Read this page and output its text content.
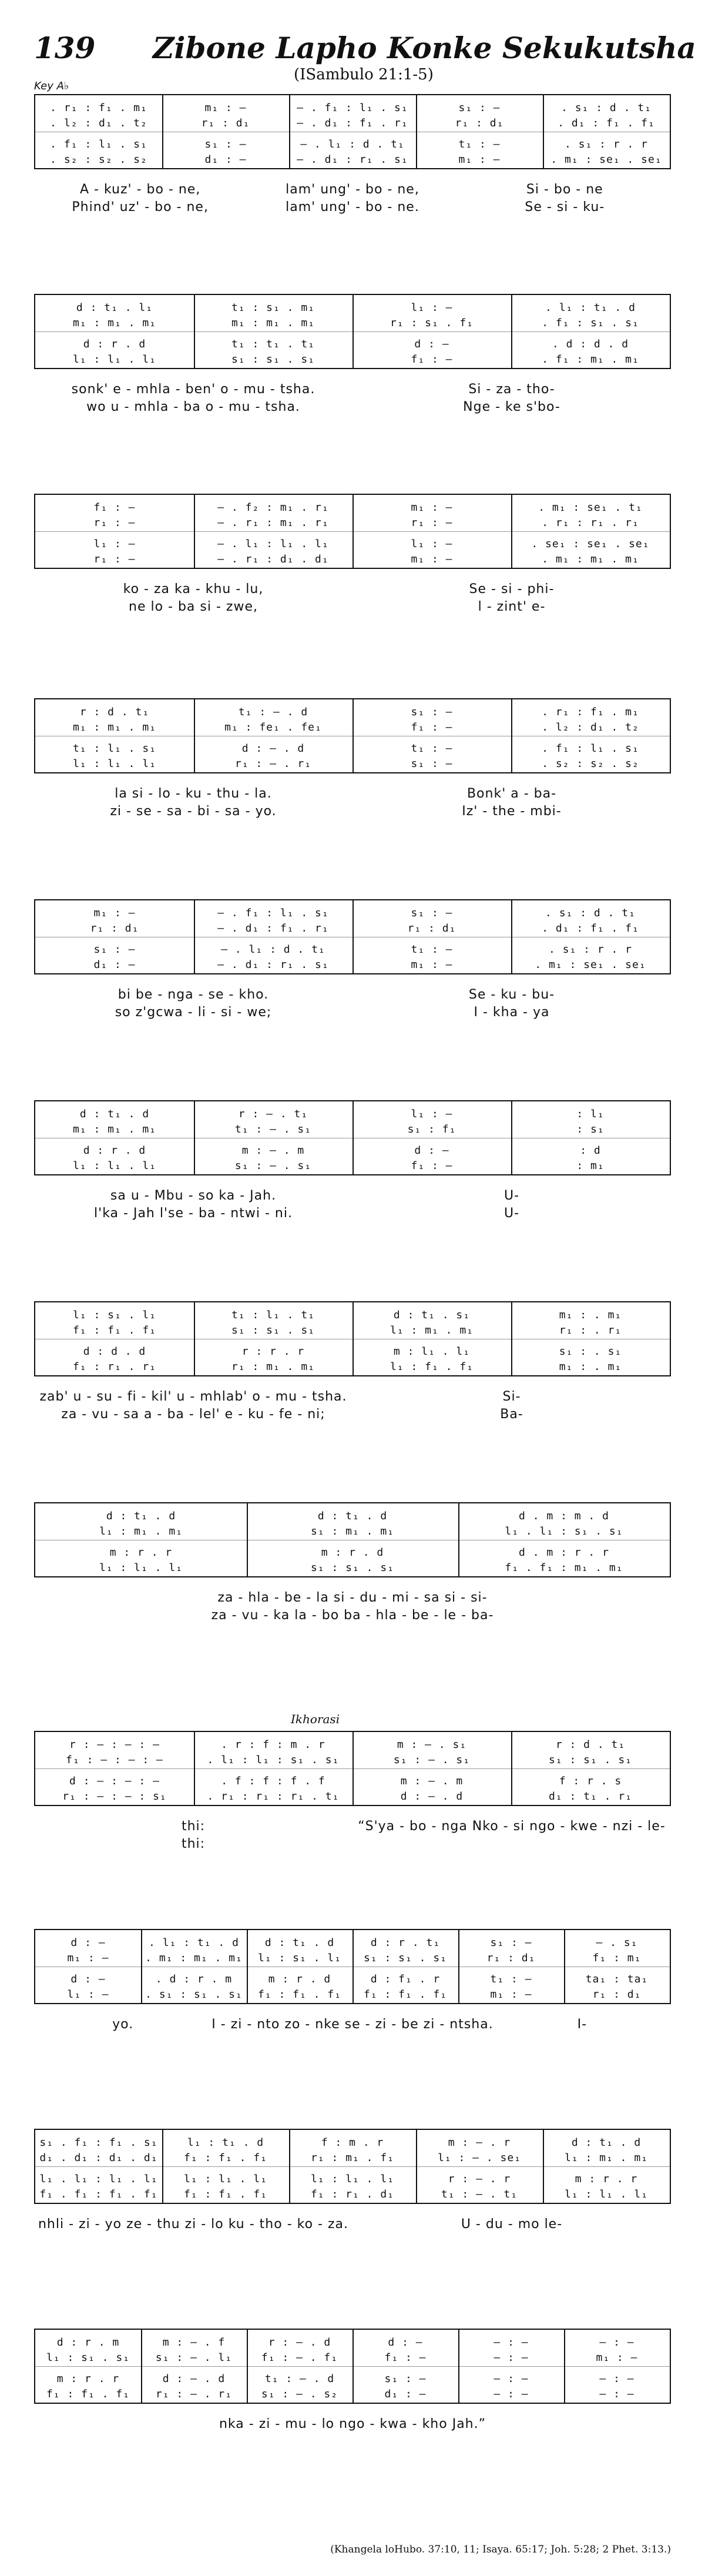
139 Zibone Lapho Konke Sekukutsha
(ISambulo 21:1-5)
Key A♭
. r₁ : f₁ . m₁	m₁ : —	– . f₁ : l₁ . s₁	s₁ : —	. s₁ : d . t₁
. l₂ : d₁ . t₂	r₁ : d₁	– . d₁ : f₁ . r₁	r₁ : d₁	. d₁ : f₁ . f₁
. f₁ : l₁ . s₁	s₁ : —	– . l₁ : d . t₁	t₁ : —	. s₁ : r . r
. s₂ : s₂ . s₂	d₁ : —	– . d₁ : r₁ . s₁	m₁ : —	. m₁ : se₁ . se₁
A - kuz' - bo - ne,	lam' ung' - bo - ne,	Si - bo - ne
Phind' uz' - bo - ne,	lam' ung' - bo - ne.	Se - si - ku-
d : t₁ . l₁	t₁ : s₁ . m₁	l₁ : —	. l₁ : t₁ . d
m₁ : m₁ . m₁	m₁ : m₁ . m₁	r₁ : s₁ . f₁	. f₁ : s₁ . s₁
d : r . d	t₁ : t₁ . t₁	d : —	. d : d . d
l₁ : l₁ . l₁	s₁ : s₁ . s₁	f₁ : —	. f₁ : m₁ . m₁
sonk' e - mhla - ben' o - mu - tsha.	Si - za - tho-
wo u - mhla - ba o - mu - tsha.	Nge - ke s'bo-
f₁ : —	– . f₂ : m₁ . r₁	m₁ : —	. m₁ : se₁ . t₁
r₁ : —	– . r₁ : m₁ . r₁	r₁ : —	. r₁ : r₁ . r₁
l₁ : —	– . l₁ : l₁ . l₁	l₁ : —	. se₁ : se₁ . se₁
r₁ : —	– . r₁ : d₁ . d₁	m₁ : —	. m₁ : m₁ . m₁
ko - za ka - khu - lu,	Se - si - phi-
ne lo - ba si - zwe,	l - zint' e-
r : d . t₁	t₁ : – . d	s₁ : —	. r₁ : f₁ . m₁
m₁ : m₁ . m₁	m₁ : fe₁ . fe₁	f₁ : —	. l₂ : d₁ . t₂
t₁ : l₁ . s₁	d : – . d	t₁ : —	. f₁ : l₁ . s₁
l₁ : l₁ . l₁	r₁ : – . r₁	s₁ : —	. s₂ : s₂ . s₂
la si - lo - ku - thu - la.	Bonk' a - ba-
zi - se - sa - bi - sa - yo.	Iz' - the - mbi-
m₁ : —	– . f₁ : l₁ . s₁	s₁ : —	. s₁ : d . t₁
r₁ : d₁	– . d₁ : f₁ . r₁	r₁ : d₁	. d₁ : f₁ . f₁
s₁ : —	– . l₁ : d . t₁	t₁ : —	. s₁ : r . r
d₁ : —	– . d₁ : r₁ . s₁	m₁ : —	. m₁ : se₁ . se₁
bi be - nga - se - kho.	Se - ku - bu-
so z'gcwa - li - si - we;	I - kha - ya
d : t₁ . d	r : – . t₁	l₁ : —	: l₁
m₁ : m₁ . m₁	t₁ : – . s₁	s₁ : f₁	: s₁
d : r . d	m : – . m	d : —	: d
l₁ : l₁ . l₁	s₁ : – . s₁	f₁ : —	: m₁
sa u - Mbu - so ka - Jah.	U-
l'ka - Jah l'se - ba - ntwi - ni.	U-
l₁ : s₁ . l₁	t₁ : l₁ . t₁	d : t₁ . s₁	m₁ : . m₁
f₁ : f₁ . f₁	s₁ : s₁ . s₁	l₁ : m₁ . m₁	r₁ : . r₁
d : d . d	r : r . r	m : l₁ . l₁	s₁ : . s₁
f₁ : r₁ . r₁	r₁ : m₁ . m₁	l₁ : f₁ . f₁	m₁ : . m₁
zab' u - su - fi - kil' u - mhlab' o - mu - tsha.	Si-
za - vu - sa a - ba - lel' e - ku - fe - ni;	Ba-
d : t₁ . d	d : t₁ . d	d . m : m . d
l₁ : m₁ . m₁	s₁ : m₁ . m₁	l₁ . l₁ : s₁ . s₁
m : r . r	m : r . d	d . m : r . r
l₁ : l₁ . l₁	s₁ : s₁ . s₁	f₁ . f₁ : m₁ . m₁
za - hla - be - la si - du - mi - sa si - si-
za - vu - ka la - bo ba - hla - be - le - ba-
r : — : — : —	. r : f : m . r	m : – . s₁	r : d . t₁
f₁ : — : — : —	. l₁ : l₁ : s₁ . s₁	s₁ : – . s₁	s₁ : s₁ . s₁
d : — : — : —	. f : f : f . f	m : – . m	f : r . s
r₁ : — : — : s₁	. r₁ : r₁ : r₁ . t₁	d : – . d	d₁ : t₁ . r₁
thi:	“S'ya - bo - nga Nko - si ngo - kwe - nzi - le-
thi:
d : —	. l₁ : t₁ . d	d : t₁ . d	d : r . t₁	s₁ : —	– . s₁
m₁ : —	. m₁ : m₁ . m₁	l₁ : s₁ . l₁	s₁ : s₁ . s₁	r₁ : d₁	f₁ : m₁
d : —	. d : r . m	m : r . d	d : f₁ . r	t₁ : —	ta₁ : ta₁
l₁ : —	. s₁ : s₁ . s₁	f₁ : f₁ . f₁	f₁ : f₁ . f₁	m₁ : —	r₁ : d₁
yo.	I - zi - nto zo - nke se - zi - be zi - ntsha.	I-
s₁ . f₁ : f₁ . s₁	l₁ : t₁ . d	f : m . r	m : – . r	d : t₁ . d
d₁ . d₁ : d₁ . d₁	f₁ : f₁ . f₁	r₁ : m₁ . f₁	l₁ : – . se₁	l₁ : m₁ . m₁
l₁ . l₁ : l₁ . l₁	l₁ : l₁ . l₁	l₁ : l₁ . l₁	r : – . r	m : r . r
f₁ . f₁ : f₁ . f₁	f₁ : f₁ . f₁	f₁ : r₁ . d₁	t₁ : – . t₁	l₁ : l₁ . l₁
nhli - zi - yo ze - thu zi - lo ku - tho - ko - za.	U - du - mo le-
d : r . m	m : – . f	r : – . d	d : —	— : —	— : —
l₁ : s₁ . s₁	s₁ : – . l₁	f₁ : – . f₁	f₁ : —	— : —	m₁ : —
m : r . r	d : – . d	t₁ : – . d	s₁ : —	— : —	— : —
f₁ : f₁ . f₁	r₁ : – . r₁	s₁ : – . s₂	d₁ : —	— : —	— : —
nka - zi - mu - lo ngo - kwa - kho Jah.”
Ikhorasi
(Khangela loHubo. 37:10, 11; Isaya. 65:17; Joh. 5:28; 2 Phet. 3:13.)
